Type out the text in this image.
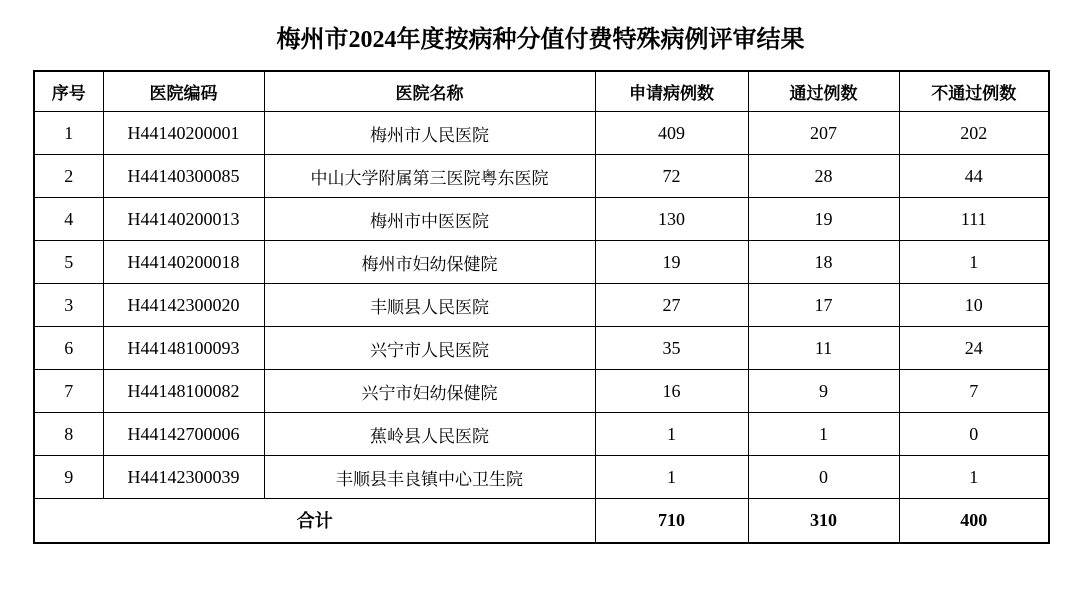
梅州市2024年度按病种分值付费特殊病例评审结果
序号	医院编码	医院名称	申请病例数	通过例数	不通过例数
1	H44140200001	梅州市人民医院	409	207	202
2	H44140300085	中山大学附属第三医院粤东医院	72	28	44
4	H44140200013	梅州市中医医院	130	19	111
5	H44140200018	梅州市妇幼保健院	19	18	1
3	H44142300020	丰顺县人民医院	27	17	10
6	H44148100093	兴宁市人民医院	35	11	24
7	H44148100082	兴宁市妇幼保健院	16	9	7
8	H44142700006	蕉岭县人民医院	1	1	0
9	H44142300039	丰顺县丰良镇中心卫生院	1	0	1
合计			710	310	400
